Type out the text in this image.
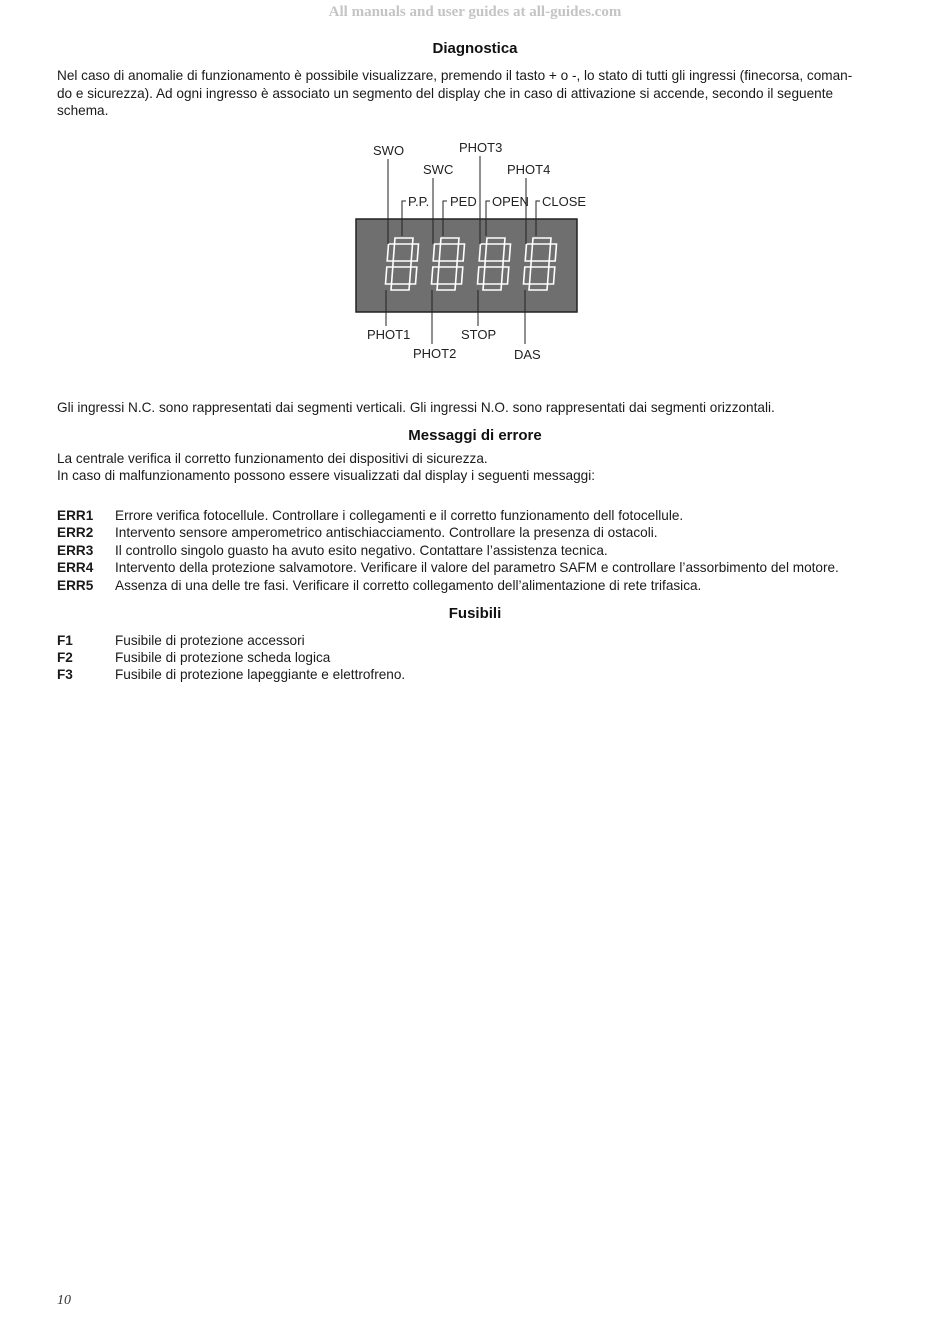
All manuals and user guides at all-guides.com
Diagnostica
Nel caso di anomalie di funzionamento è possibile visualizzare, premendo il tasto + o -, lo stato di tutti gli ingressi (finecorsa, coman-
do e sicurezza). Ad ogni ingresso è associato un segmento del display che in caso di attivazione si accende, secondo il seguente
schema.
SWO
SWC
PHOT3
PHOT4
P.P. PED OPEN CLOSE
PHOT1
PHOT2
STOP
DAS
Gli ingressi N.C. sono rappresentati dai segmenti verticali. Gli ingressi N.O. sono rappresentati dai segmenti orizzontali.
Messaggi di errore
La centrale verifica il corretto funzionamento dei dispositivi di sicurezza.
In caso di malfunzionamento possono essere visualizzati dal display i seguenti messaggi:
ERR1 Errore verifica fotocellule. Controllare i collegamenti e il corretto funzionamento dell fotocellule.
ERR2 Intervento sensore amperometrico antischiacciamento. Controllare la presenza di ostacoli.
ERR3 Il controllo singolo guasto ha avuto esito negativo. Contattare l’assistenza tecnica.
ERR4 Intervento della protezione salvamotore. Verificare il valore del parametro SAFM e controllare l’assorbimento del motore.
ERR5 Assenza di una delle tre fasi. Verificare il corretto collegamento dell’alimentazione di rete trifasica.
Fusibili
F1	Fusibile di protezione accessori
F2	Fusibile di protezione scheda logica
F3	Fusibile di protezione lapeggiante e elettrofreno.
10
